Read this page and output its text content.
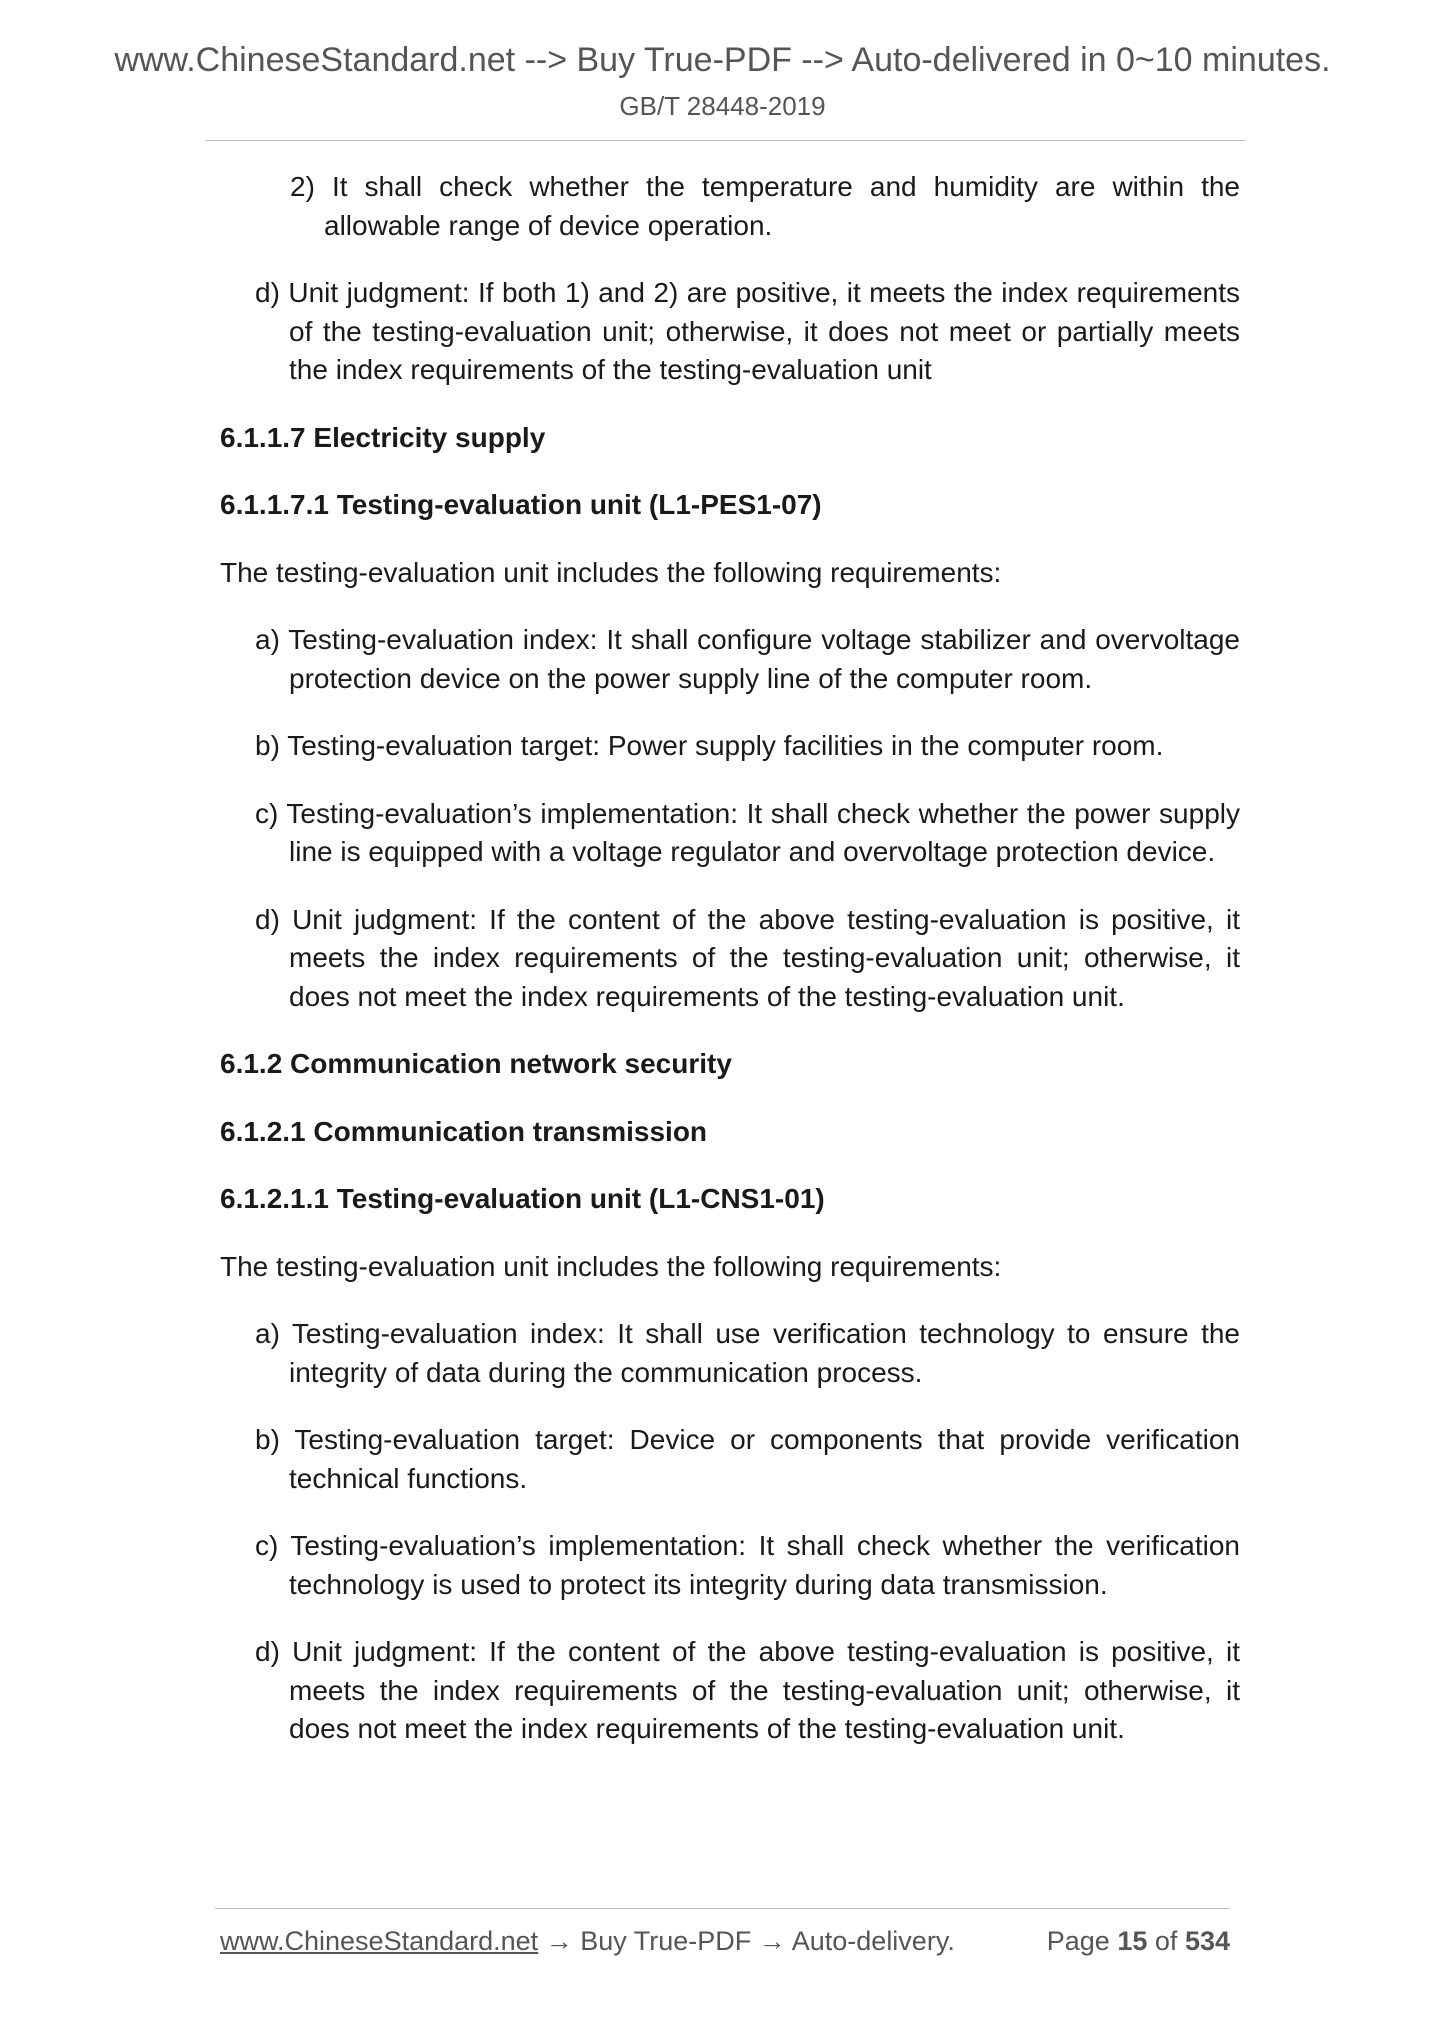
www.ChineseStandard.net --> Buy True-PDF --> Auto-delivered in 0~10 minutes.
GB/T 28448-2019

2) It shall check whether the temperature and humidity are within the allowable range of device operation.

d) Unit judgment: If both 1) and 2) are positive, it meets the index requirements of the testing-evaluation unit; otherwise, it does not meet or partially meets the index requirements of the testing-evaluation unit

6.1.1.7 Electricity supply

6.1.1.7.1 Testing-evaluation unit (L1-PES1-07)

The testing-evaluation unit includes the following requirements:

a) Testing-evaluation index: It shall configure voltage stabilizer and overvoltage protection device on the power supply line of the computer room.

b) Testing-evaluation target: Power supply facilities in the computer room.

c) Testing-evaluation’s implementation: It shall check whether the power supply line is equipped with a voltage regulator and overvoltage protection device.

d) Unit judgment: If the content of the above testing-evaluation is positive, it meets the index requirements of the testing-evaluation unit; otherwise, it does not meet the index requirements of the testing-evaluation unit.

6.1.2 Communication network security

6.1.2.1 Communication transmission

6.1.2.1.1 Testing-evaluation unit (L1-CNS1-01)

The testing-evaluation unit includes the following requirements:

a) Testing-evaluation index: It shall use verification technology to ensure the integrity of data during the communication process.

b) Testing-evaluation target: Device or components that provide verification technical functions.

c) Testing-evaluation’s implementation: It shall check whether the verification technology is used to protect its integrity during data transmission.

d) Unit judgment: If the content of the above testing-evaluation is positive, it meets the index requirements of the testing-evaluation unit; otherwise, it does not meet the index requirements of the testing-evaluation unit.

www.ChineseStandard.net → Buy True-PDF → Auto-delivery.	Page 15 of 534
